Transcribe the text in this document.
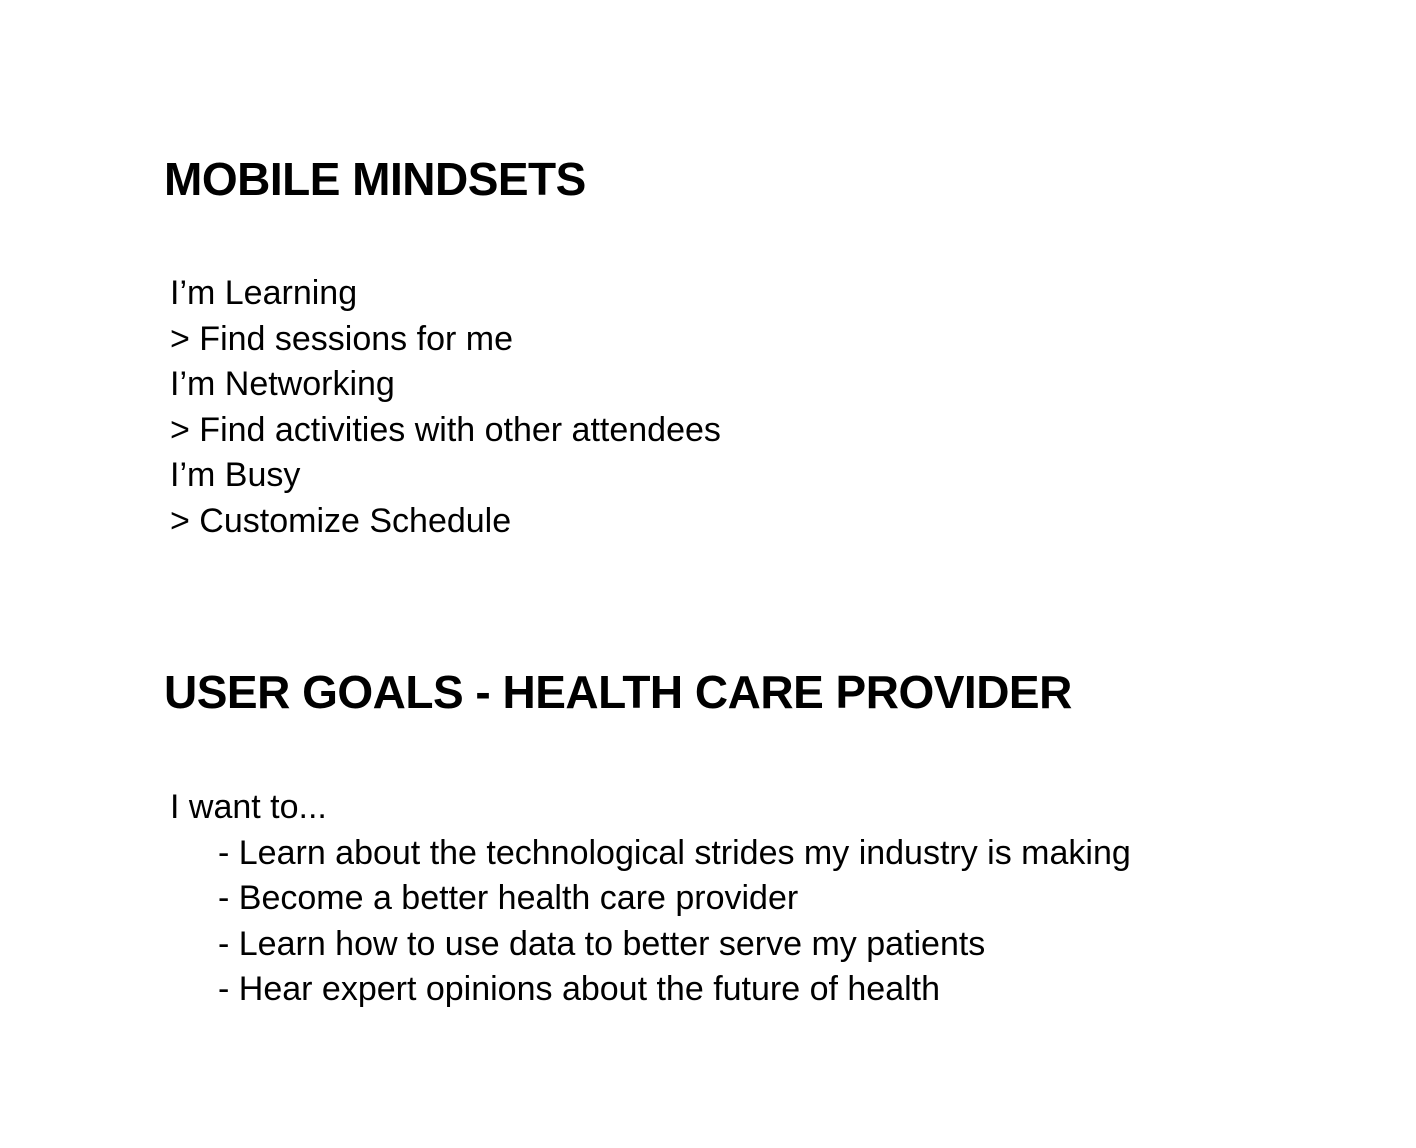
MOBILE MINDSETS
I’m Learning
> Find sessions for me
I’m Networking
> Find activities with other attendees
I’m Busy
> Customize Schedule
USER GOALS - HEALTH CARE PROVIDER
I want to...
- Learn about the technological strides my industry is making
- Become a better health care provider
- Learn how to use data to better serve my patients
- Hear expert opinions about the future of health
